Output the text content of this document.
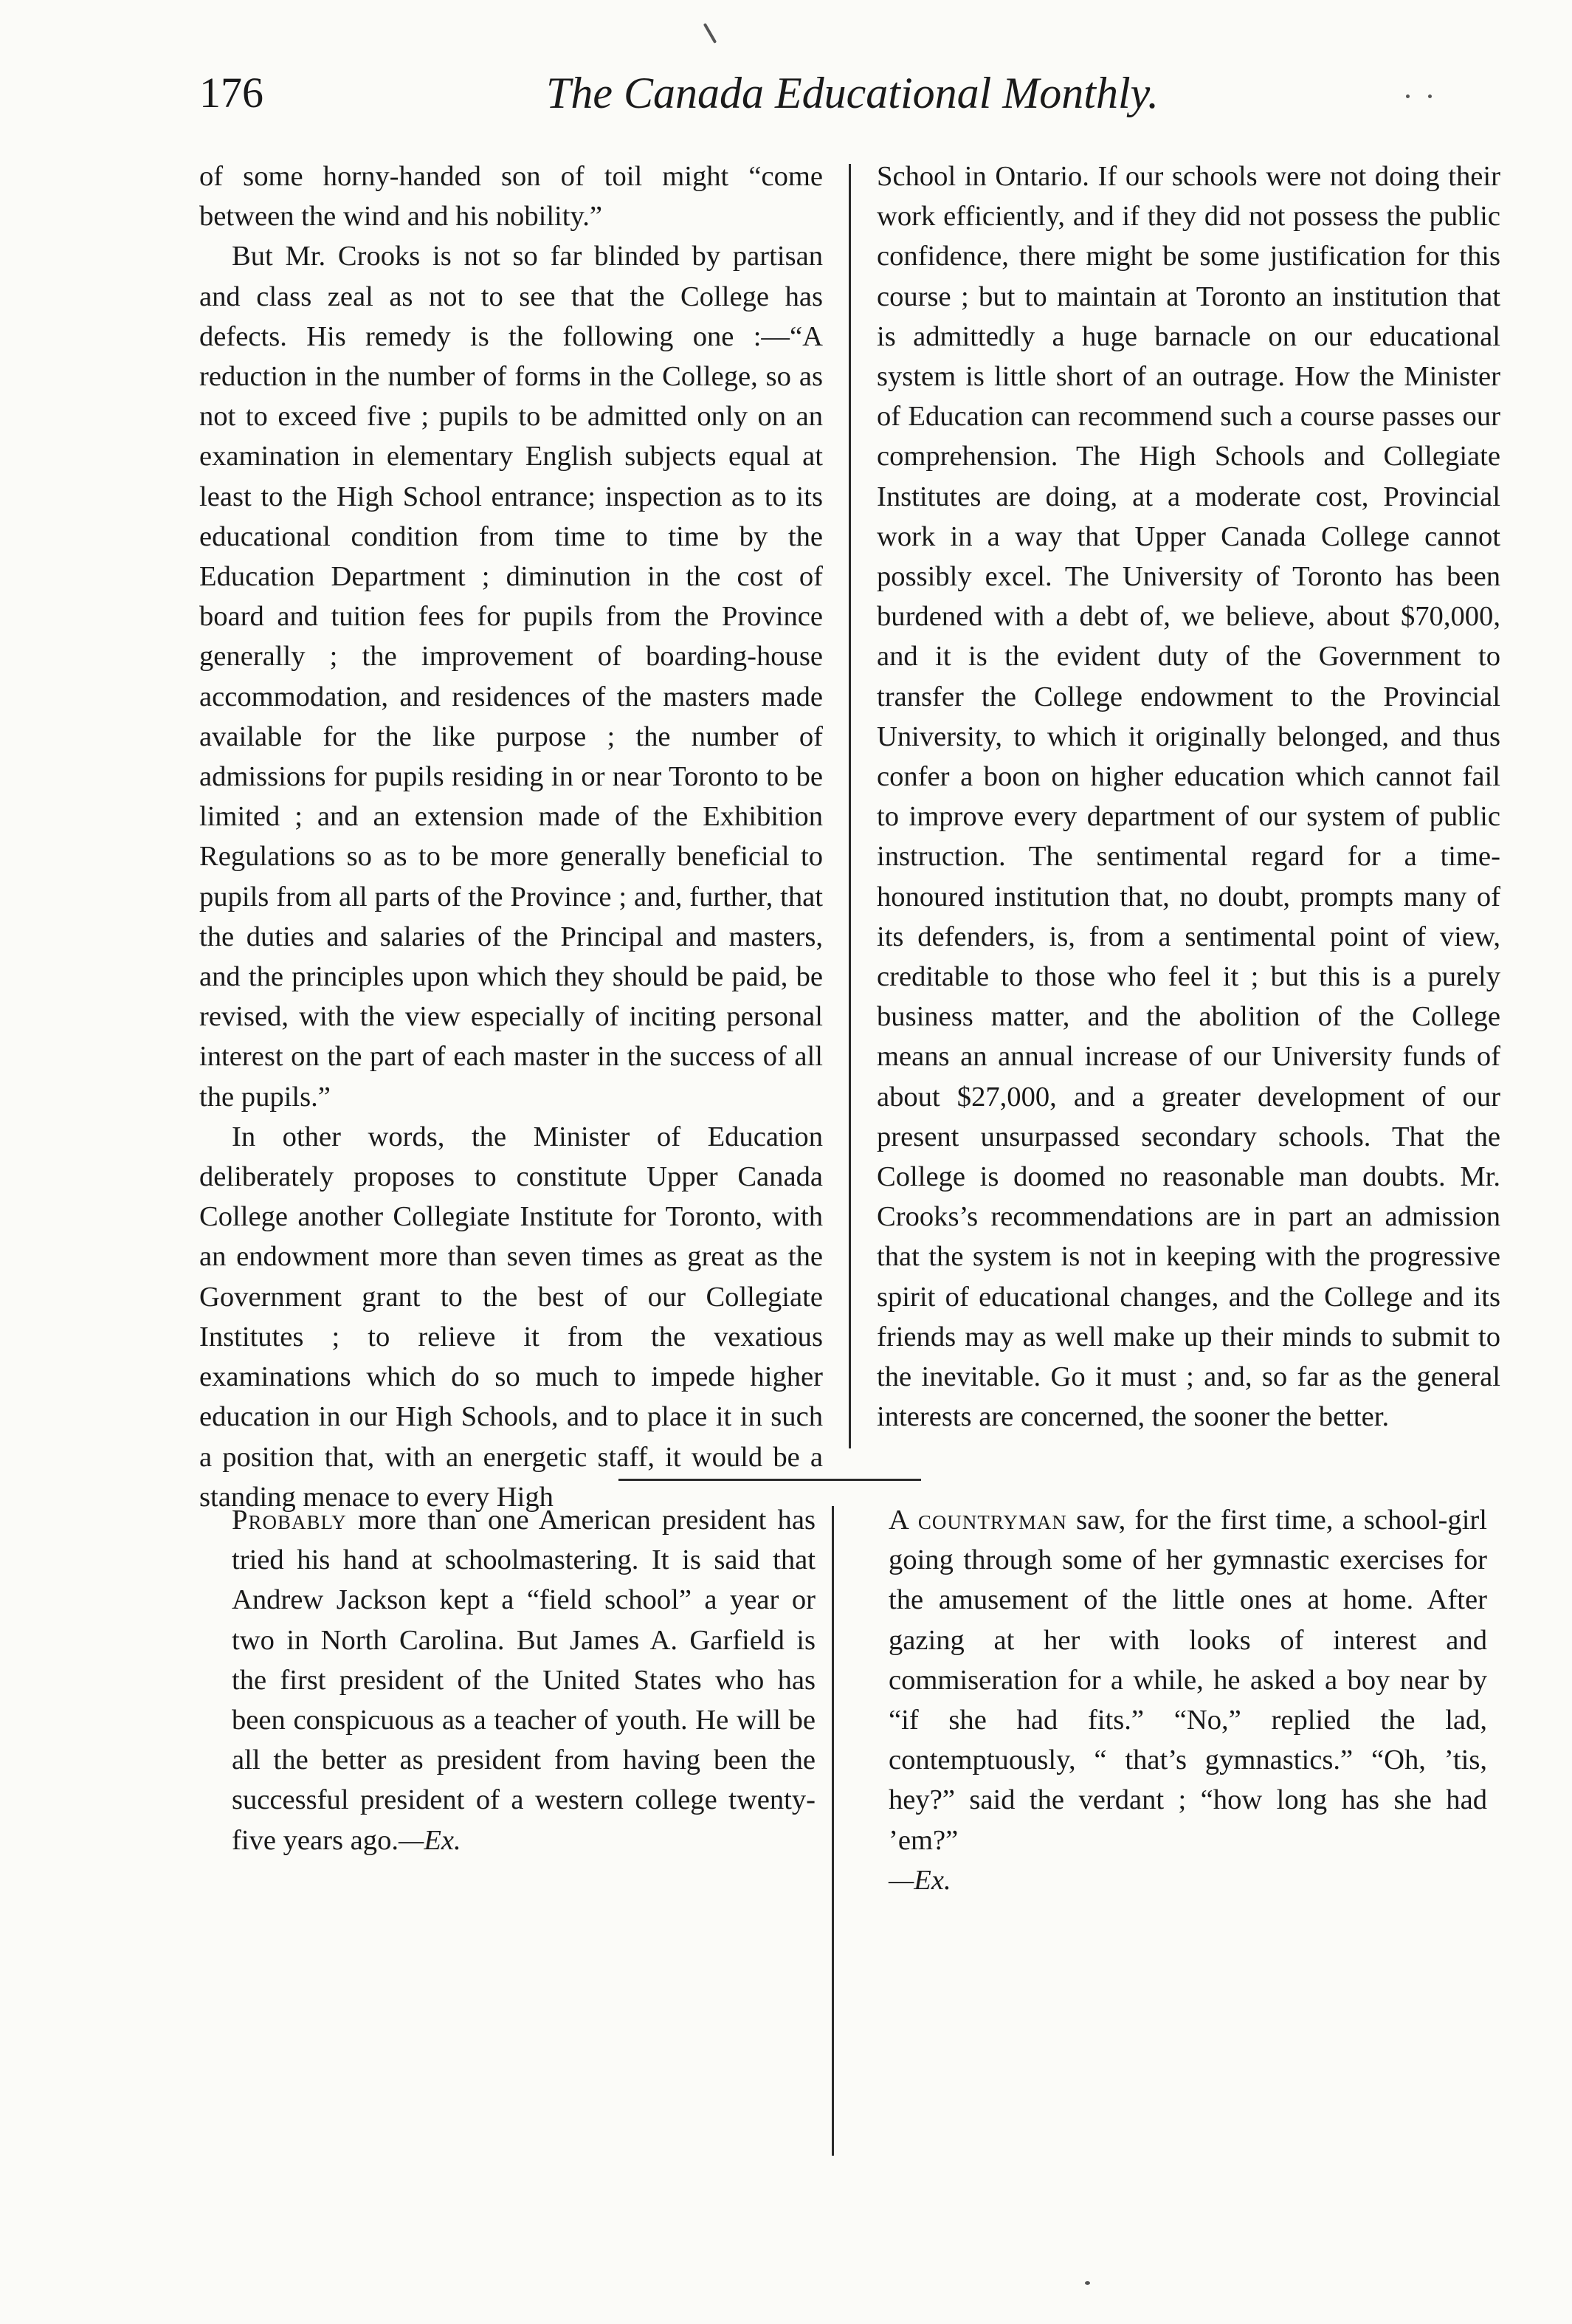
176	The Canada Educational Monthly.

of some horny-handed son of toil might “come between the wind and his nobility.”

But Mr. Crooks is not so far blinded by partisan and class zeal as not to see that the College has defects. His remedy is the following one :—“A reduction in the number of forms in the College, so as not to exceed five ; pupils to be admitted only on an examination in elementary English subjects equal at least to the High School entrance; inspection as to its educational condition from time to time by the Education Department ; diminution in the cost of board and tuition fees for pupils from the Province generally ; the improvement of boarding-house accommodation, and residences of the masters made available for the like purpose ; the number of admissions for pupils residing in or near Toronto to be limited ; and an extension made of the Exhibition Regulations so as to be more generally beneficial to pupils from all parts of the Province ; and, further, that the duties and salaries of the Principal and masters, and the principles upon which they should be paid, be revised, with the view especially of inciting personal interest on the part of each master in the success of all the pupils.”

In other words, the Minister of Education deliberately proposes to constitute Upper Canada College another Collegiate Institute for Toronto, with an endowment more than seven times as great as the Government grant to the best of our Collegiate Institutes ; to relieve it from the vexatious examinations which do so much to impede higher education in our High Schools, and to place it in such a position that, with an energetic staff, it would be a standing menace to every High

School in Ontario. If our schools were not doing their work efficiently, and if they did not possess the public confidence, there might be some justification for this course ; but to maintain at Toronto an institution that is admittedly a huge barnacle on our educational system is little short of an outrage. How the Minister of Education can recommend such a course passes our comprehension. The High Schools and Collegiate Institutes are doing, at a moderate cost, Provincial work in a way that Upper Canada College cannot possibly excel. The University of Toronto has been burdened with a debt of, we believe, about $70,000, and it is the evident duty of the Government to transfer the College endowment to the Provincial University, to which it originally belonged, and thus confer a boon on higher education which cannot fail to improve every department of our system of public instruction. The sentimental regard for a time-honoured institution that, no doubt, prompts many of its defenders, is, from a sentimental point of view, creditable to those who feel it ; but this is a purely business matter, and the abolition of the College means an annual increase of our University funds of about $27,000, and a greater development of our present unsurpassed secondary schools. That the College is doomed no reasonable man doubts. Mr. Crooks’s recommendations are in part an admission that the system is not in keeping with the progressive spirit of educational changes, and the College and its friends may as well make up their minds to submit to the inevitable. Go it must ; and, so far as the general interests are concerned, the sooner the better.

Probably more than one American president has tried his hand at schoolmastering. It is said that Andrew Jackson kept a “field school” a year or two in North Carolina. But James A. Garfield is the first president of the United States who has been conspicuous as a teacher of youth. He will be all the better as president from having been the successful president of a western college twenty-five years ago.—Ex.

A countryman saw, for the first time, a school-girl going through some of her gymnastic exercises for the amusement of the little ones at home. After gazing at her with looks of interest and commiseration for a while, he asked a boy near by “if she had fits.” “No,” replied the lad, contemptuously, “ that’s gymnastics.” “Oh, ’tis, hey?” said the verdant ; “how long has she had ’em?”

—Ex.
